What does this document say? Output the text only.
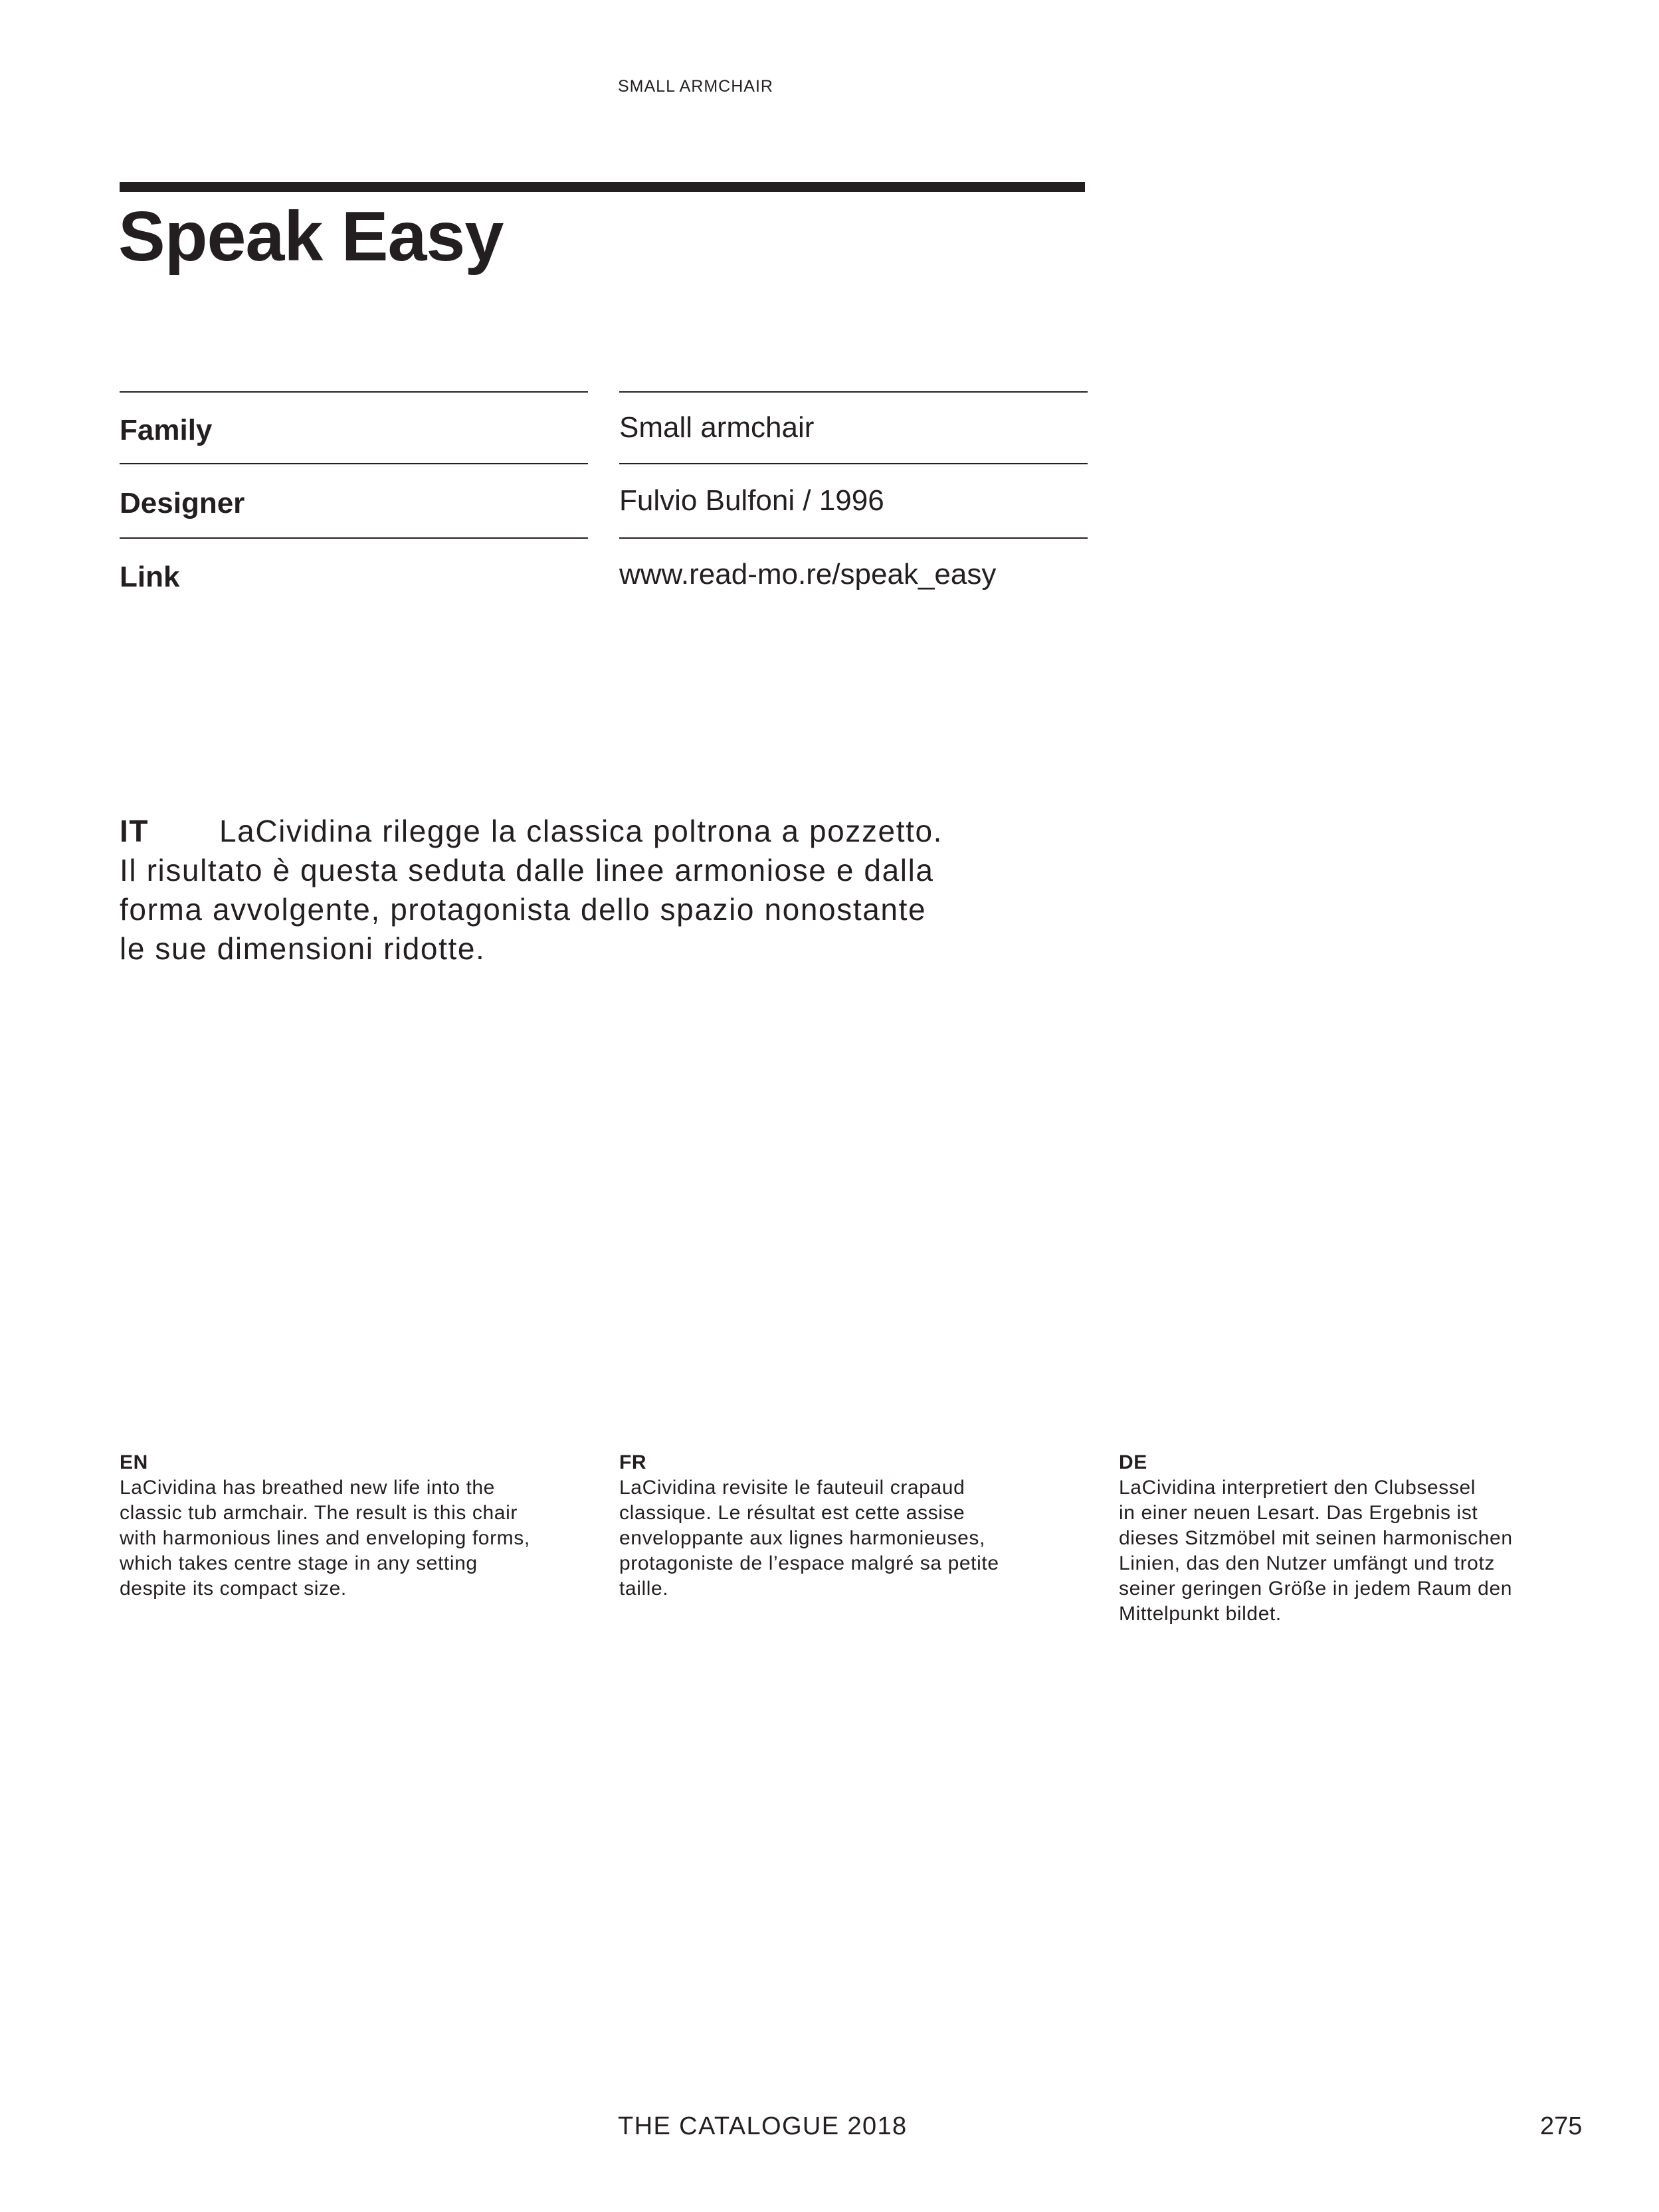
SMALL ARMCHAIR
Speak Easy
Family	Small armchair
Designer	Fulvio Bulfoni / 1996
Link	www.read-mo.re/speak_easy
IT LaCividina rilegge la classica poltrona a pozzetto.
Il risultato è questa seduta dalle linee armoniose e dalla
forma avvolgente, protagonista dello spazio nonostante
le sue dimensioni ridotte.
EN
LaCividina has breathed new life into the
classic tub armchair. The result is this chair
with harmonious lines and enveloping forms,
which takes centre stage in any setting
despite its compact size.
FR
LaCividina revisite le fauteuil crapaud
classique. Le résultat est cette assise
enveloppante aux lignes harmonieuses,
protagoniste de l’espace malgré sa petite
taille.
DE
LaCividina interpretiert den Clubsessel
in einer neuen Lesart. Das Ergebnis ist
dieses Sitzmöbel mit seinen harmonischen
Linien, das den Nutzer umfängt und trotz
seiner geringen Größe in jedem Raum den
Mittelpunkt bildet.
THE CATALOGUE 2018	275
